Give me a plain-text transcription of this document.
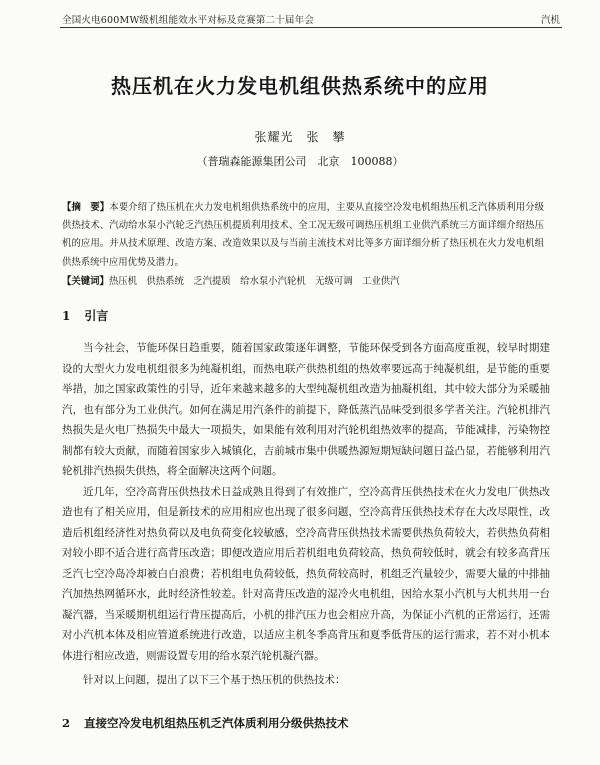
全国火电600MW级机组能效水平对标及竞赛第二十届年会	汽机
热压机在火力发电机组供热系统中的应用
张耀光　张　攀
（普瑞森能源集团公司　北京　100088）
【摘　要】本要介绍了热压机在火力发电机组供热系统中的应用，主要从直接空冷发电机组热压机乏汽体质利用分级供热技术、汽动给水泵小汽轮乏汽热压机提质利用技术、全工况无级可调热压机组工业供汽系统三方面详细介绍热压机的应用。并从技术原理、改造方案、改造效果以及与当前主流技术对比等多方面详细分析了热压机在火力发电机组供热系统中应用优势及潜力。
【关键词】热压机　供热系统　乏汽提质　给水泵小汽轮机　无级可调　工业供汽
1 引言

当今社会，节能环保日趋重要，随着国家政策逐年调整，节能环保受到各方面高度重视，较早时期建设的大型火力发电机组很多为纯凝机组，而热电联产供热机组的热效率要远高于纯凝机组，是节能的重要举措，加之国家政策性的引导，近年来越来越多的大型纯凝机组改造为抽凝机组，其中较大部分为采暖抽汽，也有部分为工业供汽。如何在满足用汽条件的前提下，降低蒸汽品味受到很多学者关注。汽轮机排汽热损失是火电厂热损失中最大一项损失，如果能有效利用对汽轮机组热效率的提高，节能减排，污染物控制都有较大贡献，而随着国家步入城镇化，吉前城市集中供暖热源短期短缺问题日益凸显，若能够利用汽轮机排汽热损失供热，将全面解决这两个问题。

近几年，空冷高背压供热技术日益成熟且得到了有效推广，空冷高背压供热技术在火力发电厂供热改造也有了相关应用，但是新技术的应用相应也出现了很多问题，空冷高背压供热技术存在大改尽限性，改造后机组经济性对热负荷以及电负荷变化较敏感，空冷高背压供热技术需要供热负荷较大，若供热负荷相对较小即不适合进行高背压改造；即便改造应用后若机组电负荷较高，热负荷较低时，就会有较多高背压乏汽七空冷岛冷却被白白浪费；若机组电负荷较低，热负荷较高时，机组乏汽量较少，需要大量的中排抽汽加热热网循环水，此时经济性较差。针对高背压改造的湿冷火电机组，因给水泵小汽机与大机共用一台凝汽器，当采暖期机组运行背压提高后，小机的排汽压力也会相应升高，为保证小汽机的正常运行，还需对小汽机本体及相应管道系统进行改造，以适应主机冬季高背压和夏季低背压的运行需求，若不对小机本体进行相应改造，则需设置专用的给水泵汽轮机凝汽器。

针对以上问题，提出了以下三个基于热压机的供热技术：

2 直接空冷发电机组热压机乏汽体质利用分级供热技术
